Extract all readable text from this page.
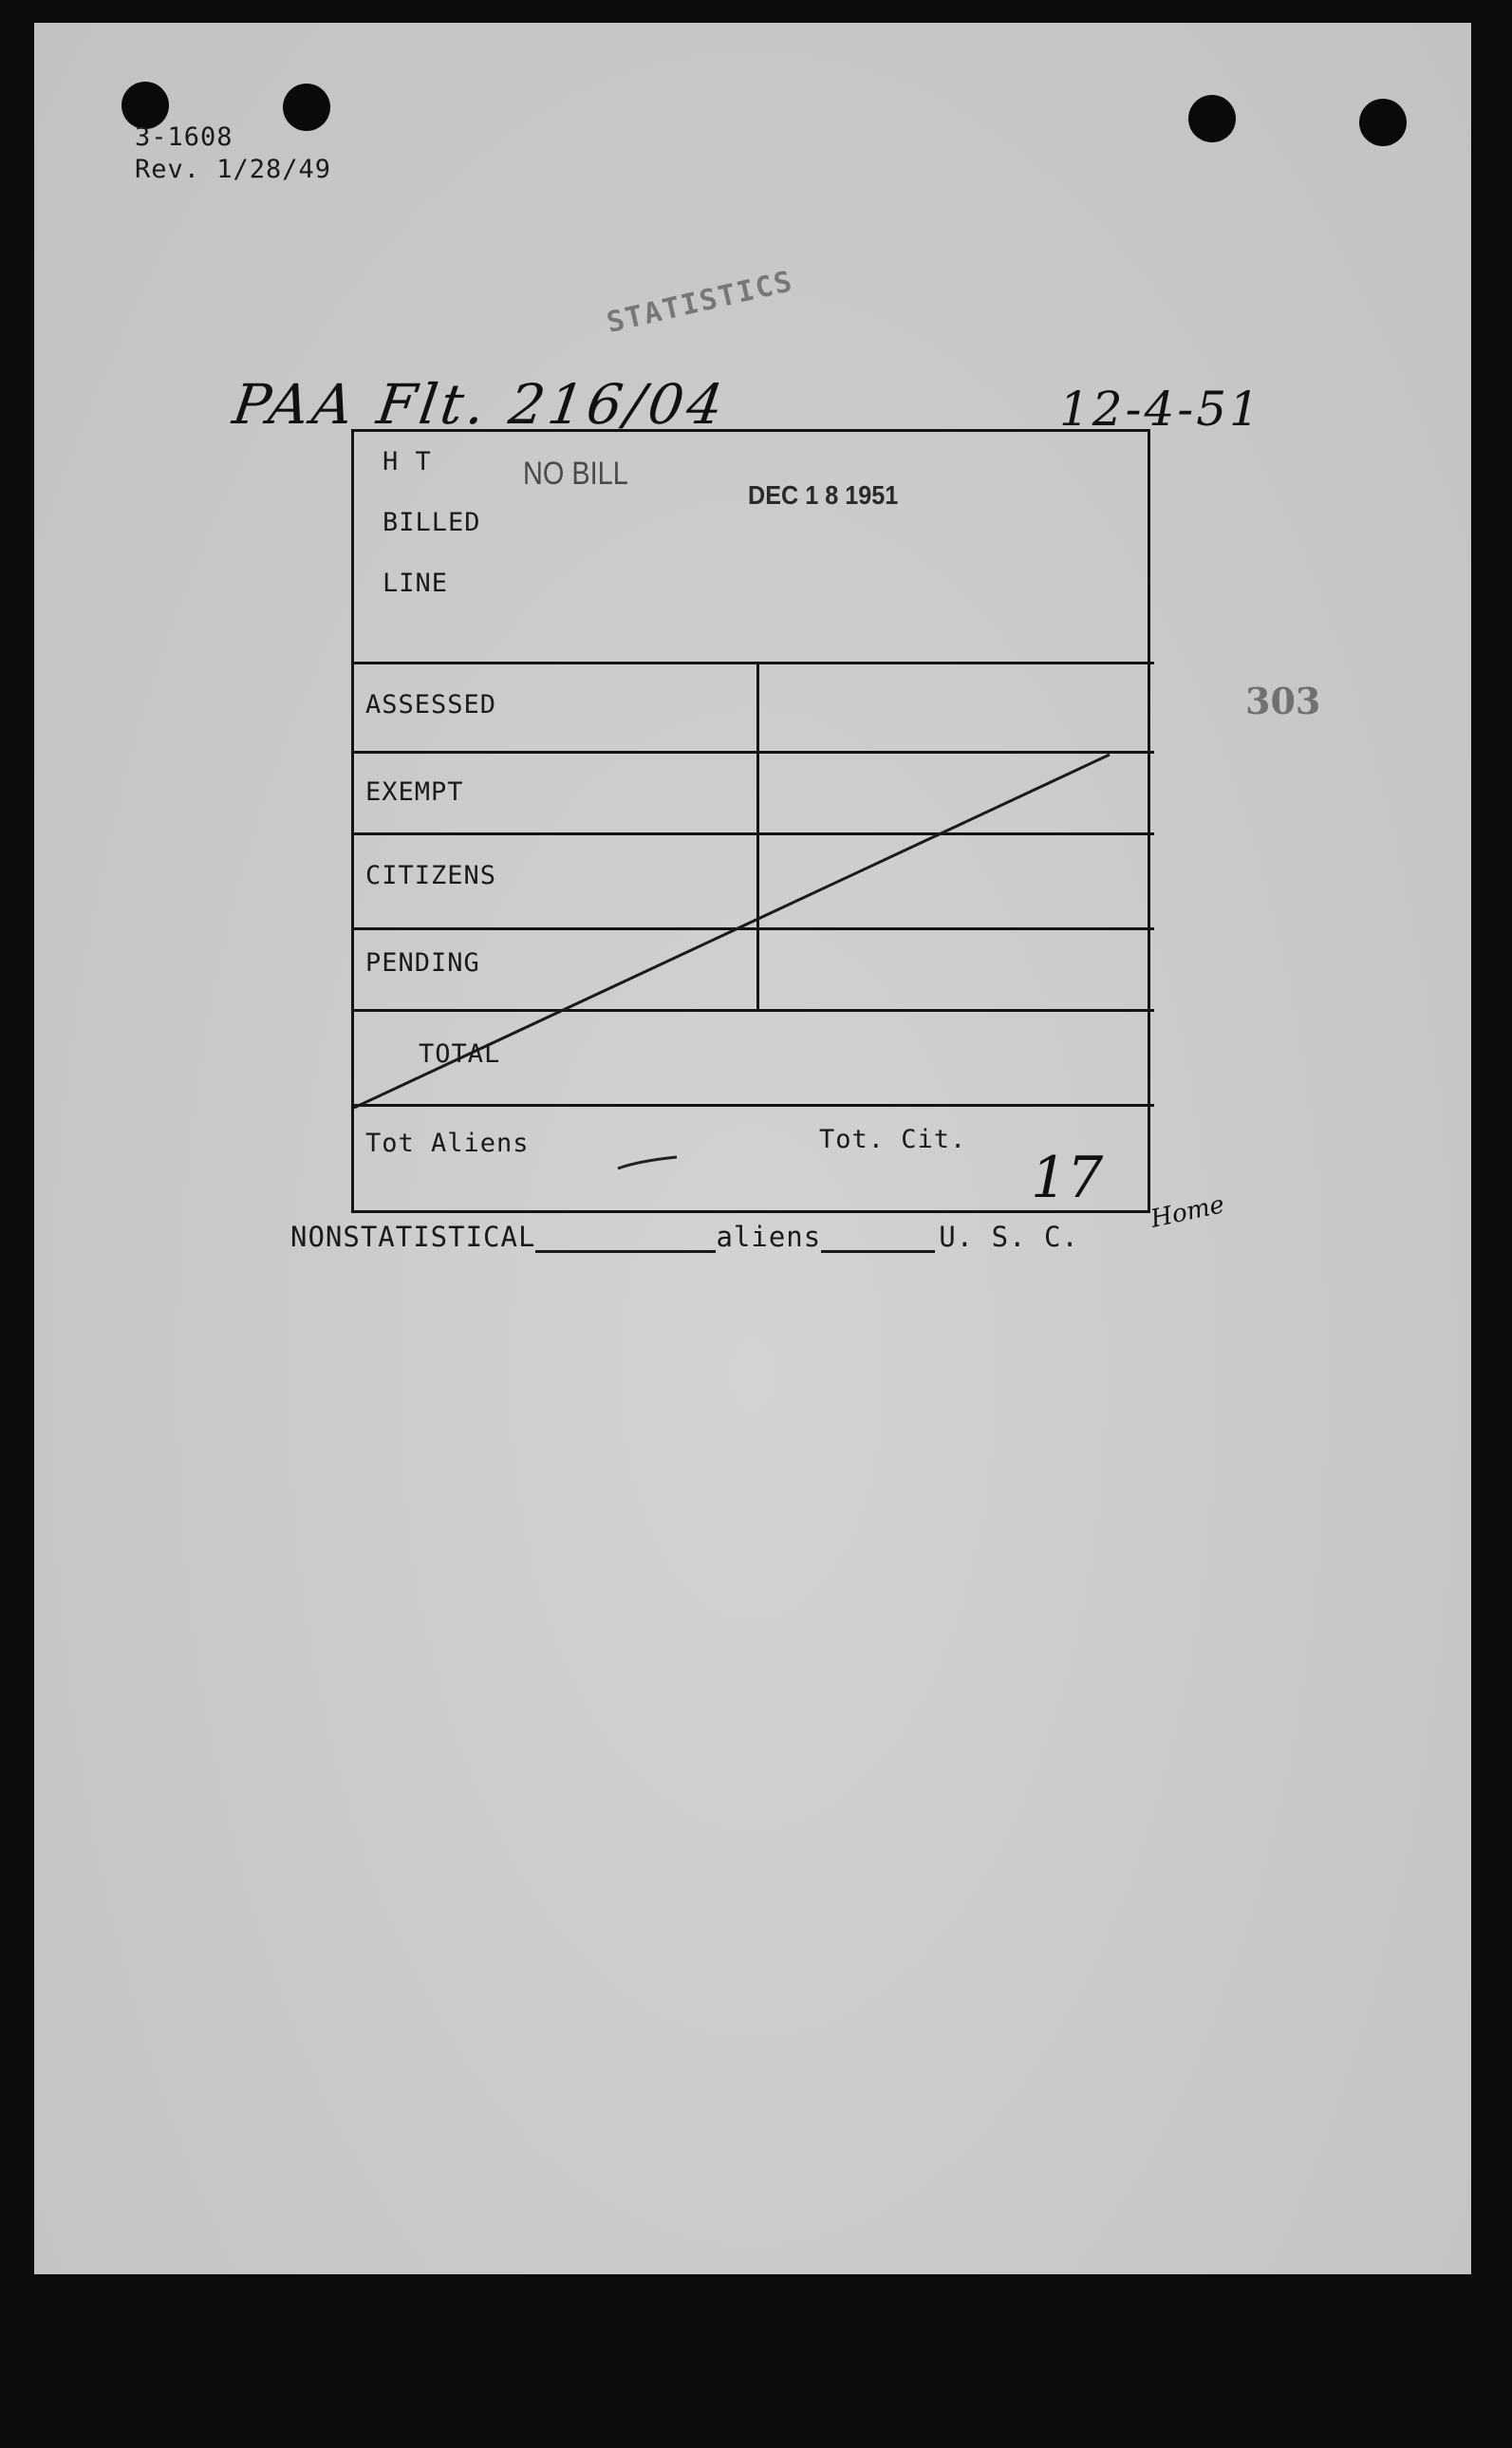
3-1608
Rev. 1/28/49
STATISTICS
PAA Flt. 216/04	12-4-51
303
H T
BILLED
LINE
ASSESSED
EXEMPT
CITIZENS
PENDING
TOTAL
Tot Aliens	Tot. Cit.
NO BILL
DEC 1 8 1951
17
Home
NONSTATISTICAL	aliens	U. S. C.
